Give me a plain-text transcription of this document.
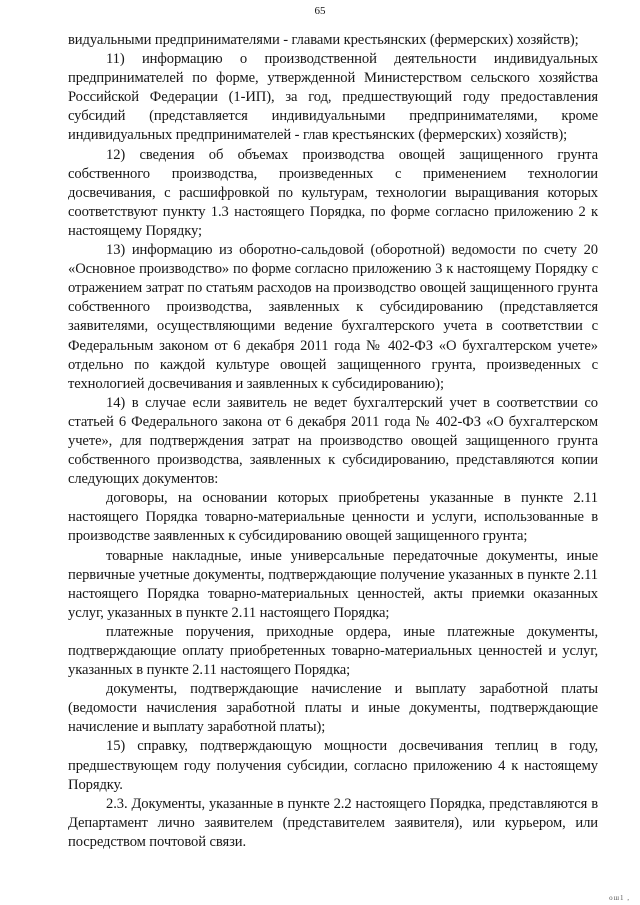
65

видуальными предпринимателями - главами крестьянских (фермерских) хозяйств);

11) информацию о производственной деятельности индивидуальных предпринимателей по форме, утвержденной Министерством сельского хозяйства Российской Федерации (1-ИП), за год, предшествующий году предоставления субсидий (представляется индивидуальными предпринимателями, кроме индивидуальных предпринимателей - глав крестьянских (фермерских) хозяйств);

12) сведения об объемах производства овощей защищенного грунта собственного производства, произведенных с применением технологии досвечивания, с расшифровкой по культурам, технологии выращивания которых соответствуют пункту 1.3 настоящего Порядка, по форме согласно приложению 2 к настоящему Порядку;

13) информацию из оборотно-сальдовой (оборотной) ведомости по счету 20 «Основное производство» по форме согласно приложению 3 к настоящему Порядку с отражением затрат по статьям расходов на производство овощей защищенного грунта собственного производства, заявленных к субсидированию (представляется заявителями, осуществляющими ведение бухгалтерского учета в соответствии с Федеральным законом от 6 декабря 2011 года № 402-ФЗ «О бухгалтерском учете» отдельно по каждой культуре овощей защищенного грунта, произведенных с технологией досвечивания и заявленных к субсидированию);

14) в случае если заявитель не ведет бухгалтерский учет в соответствии со статьей 6 Федерального закона от 6 декабря 2011 года № 402-ФЗ «О бухгалтерском учете», для подтверждения затрат на производство овощей защищенного грунта собственного производства, заявленных к субсидированию, представляются копии следующих документов:

договоры, на основании которых приобретены указанные в пункте 2.11 настоящего Порядка товарно-материальные ценности и услуги, использованные в производстве заявленных к субсидированию овощей защищенного грунта;

товарные накладные, иные универсальные передаточные документы, иные первичные учетные документы, подтверждающие получение указанных в пункте 2.11 настоящего Порядка товарно-материальных ценностей, акты приемки оказанных услуг, указанных в пункте 2.11 настоящего Порядка;

платежные поручения, приходные ордера, иные платежные документы, подтверждающие оплату приобретенных товарно-материальных ценностей и услуг, указанных в пункте 2.11 настоящего Порядка;

документы, подтверждающие начисление и выплату заработной платы (ведомости начисления заработной платы и иные документы, подтверждающие начисление и выплату заработной платы);

15) справку, подтверждающую мощности досвечивания теплиц в году, предшествующем году получения субсидии, согласно приложению 4 к настоящему Порядку.

2.3. Документы, указанные в пункте 2.2 настоящего Порядка, представляются в Департамент лично заявителем (представителем заявителя), или курьером, или посредством почтовой связи.

ош1 ,
